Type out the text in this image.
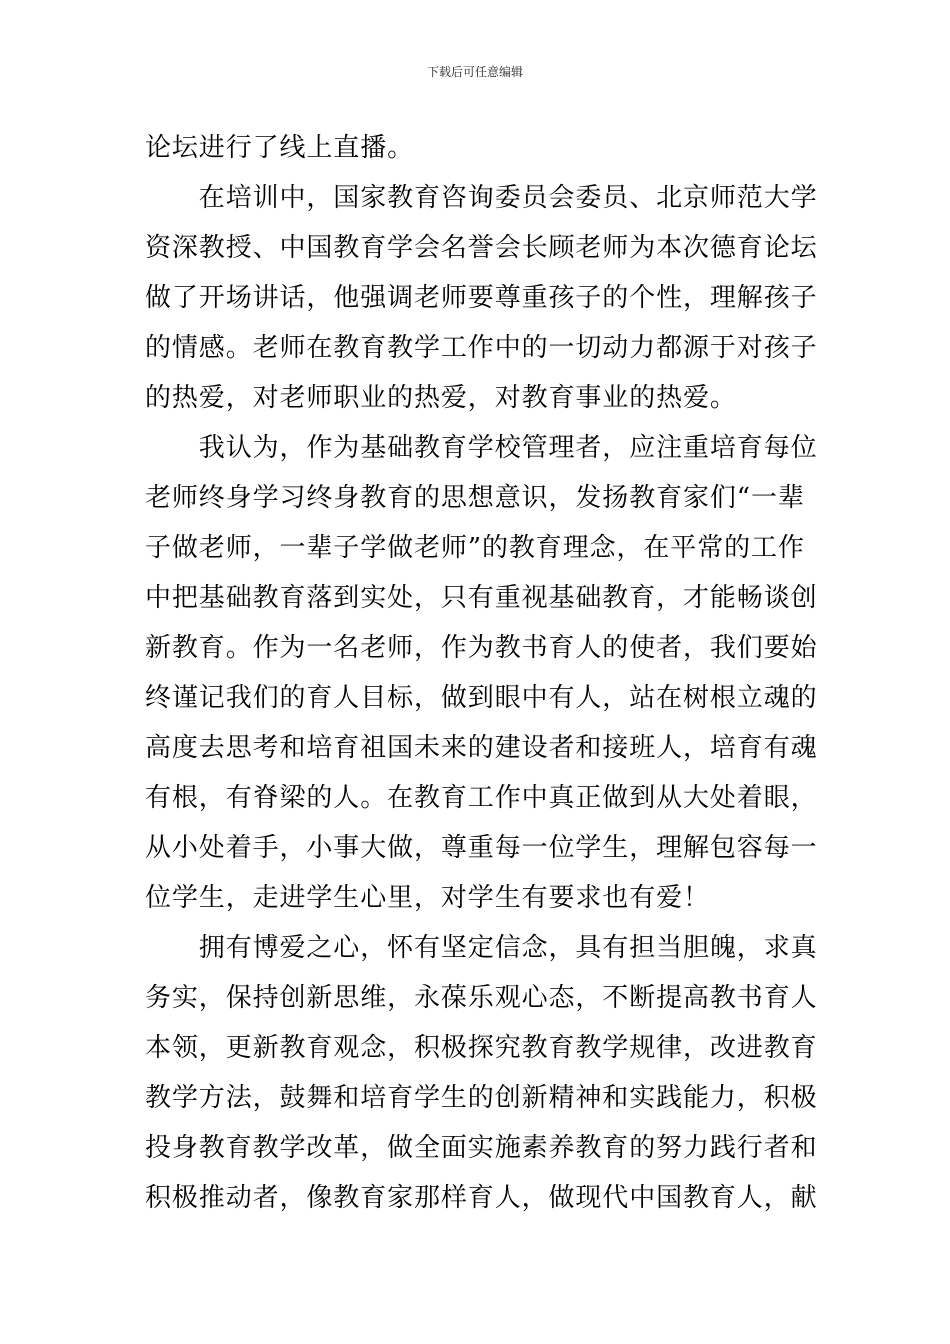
下载后可任意编辑

论坛进行了线上直播。

　　在培训中，国家教育咨询委员会委员、北京师范大学

资深教授、中国教育学会名誉会长顾老师为本次德育论坛

做了开场讲话，他强调老师要尊重孩子的个性，理解孩子

的情感。老师在教育教学工作中的一切动力都源于对孩子

的热爱，对老师职业的热爱，对教育事业的热爱。

　　我认为，作为基础教育学校管理者，应注重培育每位

老师终身学习终身教育的思想意识，发扬教育家们“一辈

子做老师，一辈子学做老师”的教育理念，在平常的工作

中把基础教育落到实处，只有重视基础教育，才能畅谈创

新教育。作为一名老师，作为教书育人的使者，我们要始

终谨记我们的育人目标，做到眼中有人，站在树根立魂的

高度去思考和培育祖国未来的建设者和接班人，培育有魂

有根，有脊梁的人。在教育工作中真正做到从大处着眼，

从小处着手，小事大做，尊重每一位学生，理解包容每一

位学生，走进学生心里，对学生有要求也有爱！

　　拥有博爱之心，怀有坚定信念，具有担当胆魄，求真

务实，保持创新思维，永葆乐观心态，不断提高教书育人

本领，更新教育观念，积极探究教育教学规律，改进教育

教学方法，鼓舞和培育学生的创新精神和实践能力，积极

投身教育教学改革，做全面实施素养教育的努力践行者和

积极推动者，像教育家那样育人，做现代中国教育人，献
